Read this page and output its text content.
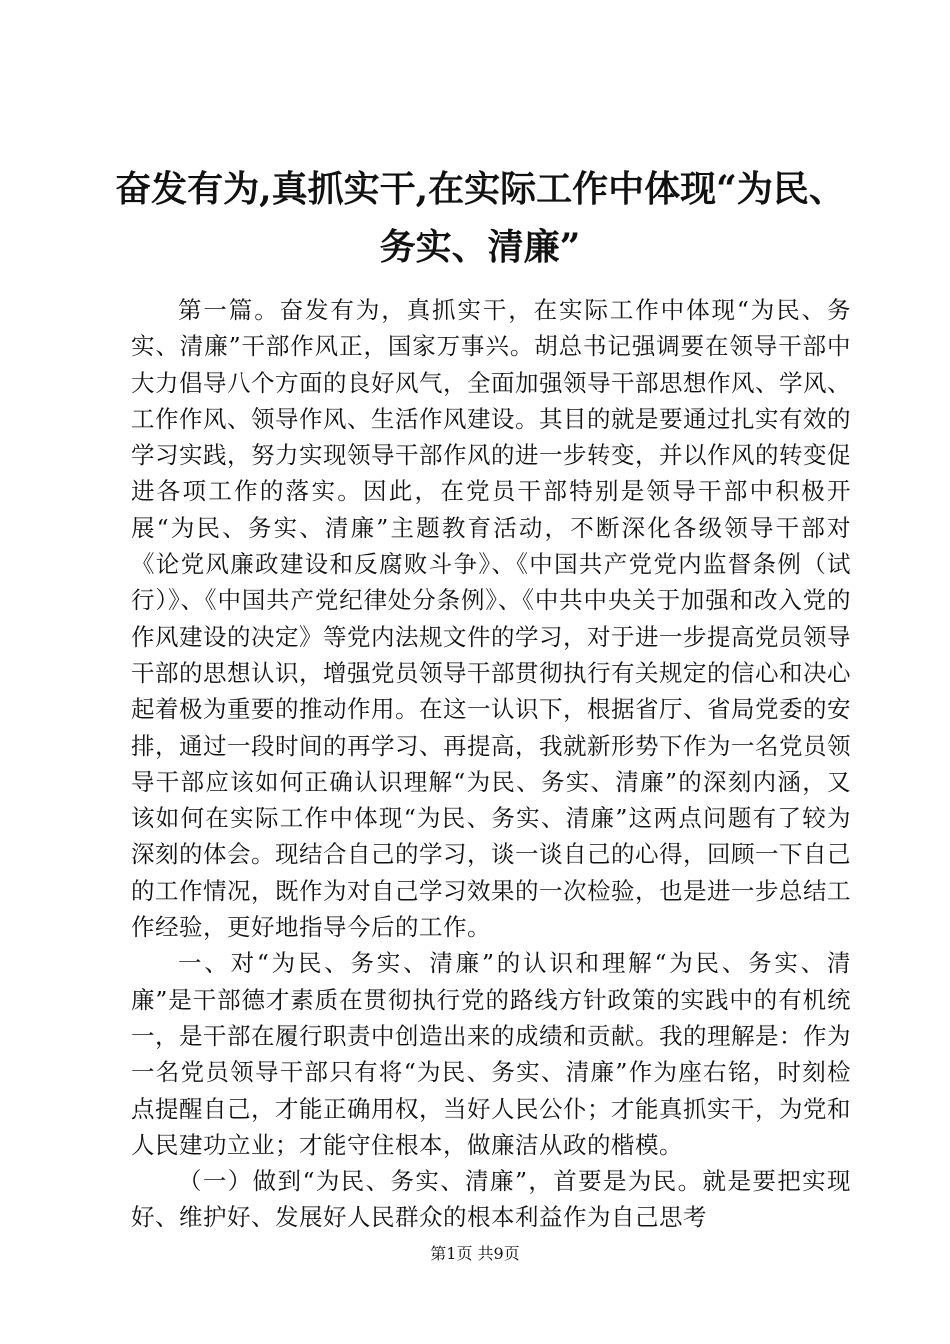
奋发有为,真抓实干,在实际工作中体现“为民、
务实、清廉”

第一篇。奋发有为，真抓实干，在实际工作中体现“为民、务实、清廉”干部作风正，国家万事兴。胡总书记强调要在领导干部中大力倡导八个方面的良好风气，全面加强领导干部思想作风、学风、工作作风、领导作风、生活作风建设。其目的就是要通过扎实有效的学习实践，努力实现领导干部作风的进一步转变，并以作风的转变促进各项工作的落实。因此，在党员干部特别是领导干部中积极开展“为民、务实、清廉”主题教育活动，不断深化各级领导干部对《论党风廉政建设和反腐败斗争》、《中国共产党党内监督条例（试行）》、《中国共产党纪律处分条例》、《中共中央关于加强和改入党的作风建设的决定》等党内法规文件的学习，对于进一步提高党员领导干部的思想认识，增强党员领导干部贯彻执行有关规定的信心和决心起着极为重要的推动作用。在这一认识下，根据省厅、省局党委的安排，通过一段时间的再学习、再提高，我就新形势下作为一名党员领导干部应该如何正确认识理解“为民、务实、清廉”的深刻内涵，又该如何在实际工作中体现“为民、务实、清廉”这两点问题有了较为深刻的体会。现结合自己的学习，谈一谈自己的心得，回顾一下自己的工作情况，既作为对自己学习效果的一次检验，也是进一步总结工作经验，更好地指导今后的工作。

一、对“为民、务实、清廉”的认识和理解“为民、务实、清廉”是干部德才素质在贯彻执行党的路线方针政策的实践中的有机统一，是干部在履行职责中创造出来的成绩和贡献。我的理解是：作为一名党员领导干部只有将“为民、务实、清廉”作为座右铭，时刻检点提醒自己，才能正确用权，当好人民公仆；才能真抓实干，为党和人民建功立业；才能守住根本，做廉洁从政的楷模。

（一）做到“为民、务实、清廉”，首要是为民。就是要把实现好、维护好、发展好人民群众的根本利益作为自己思考

第1页 共9页
